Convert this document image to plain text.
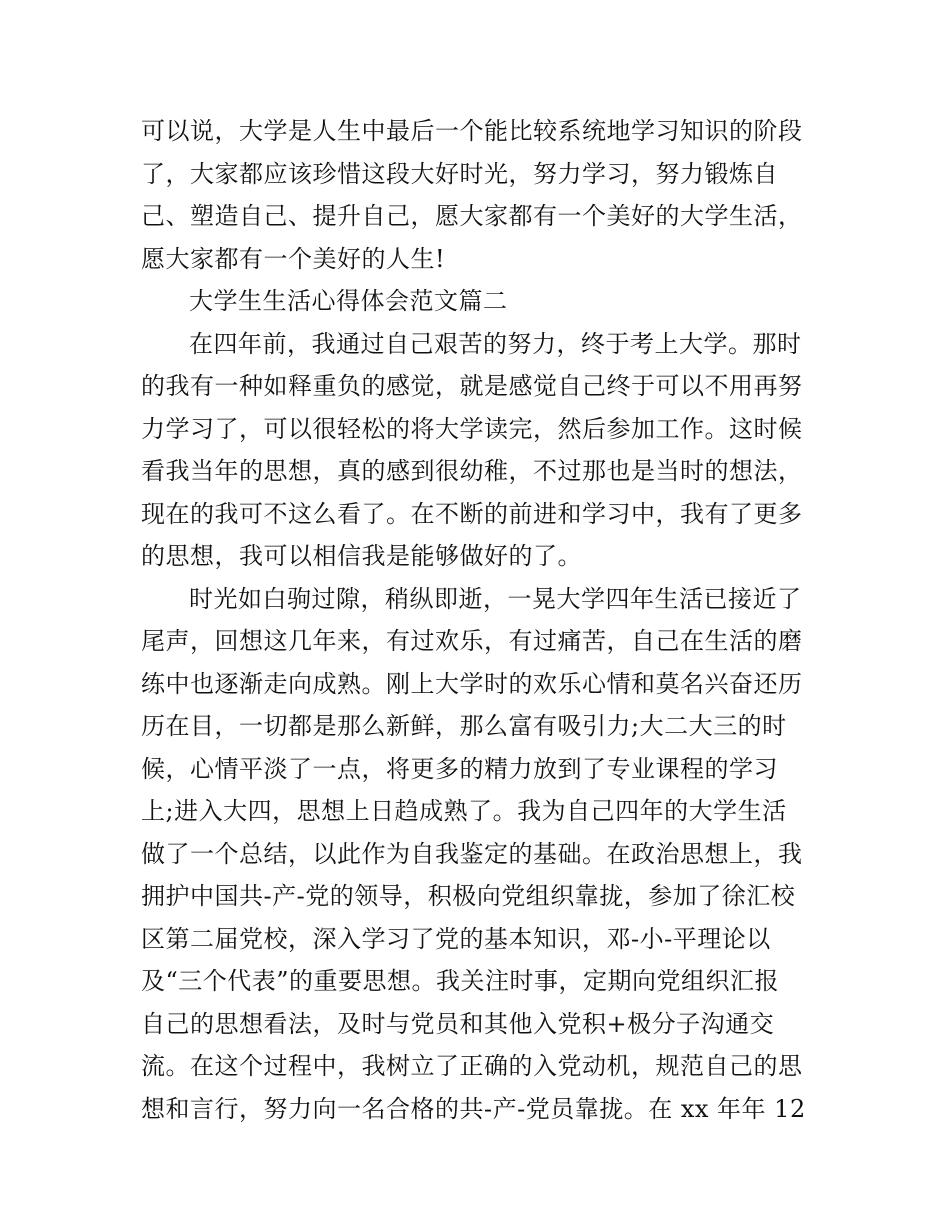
可以说，大学是人生中最后一个能比较系统地学习知识的阶段
了，大家都应该珍惜这段大好时光，努力学习，努力锻炼自
己、塑造自己、提升自己，愿大家都有一个美好的大学生活，
愿大家都有一个美好的人生!
大学生生活心得体会范文篇二
在四年前，我通过自己艰苦的努力，终于考上大学。那时
的我有一种如释重负的感觉，就是感觉自己终于可以不用再努
力学习了，可以很轻松的将大学读完，然后参加工作。这时候
看我当年的思想，真的感到很幼稚，不过那也是当时的想法，
现在的我可不这么看了。在不断的前进和学习中，我有了更多
的思想，我可以相信我是能够做好的了。
时光如白驹过隙，稍纵即逝，一晃大学四年生活已接近了
尾声，回想这几年来，有过欢乐，有过痛苦，自己在生活的磨
练中也逐渐走向成熟。刚上大学时的欢乐心情和莫名兴奋还历
历在目，一切都是那么新鲜，那么富有吸引力;大二大三的时
候，心情平淡了一点，将更多的精力放到了专业课程的学习
上;进入大四，思想上日趋成熟了。我为自己四年的大学生活
做了一个总结，以此作为自我鉴定的基础。在政治思想上，我
拥护中国共-产-党的领导，积极向党组织靠拢，参加了徐汇校
区第二届党校，深入学习了党的基本知识，邓-小-平理论以
及“三个代表”的重要思想。我关注时事，定期向党组织汇报
自己的思想看法，及时与党员和其他入党积+极分子沟通交
流。在这个过程中，我树立了正确的入党动机，规范自己的思
想和言行，努力向一名合格的共-产-党员靠拢。在 xx 年年 12
